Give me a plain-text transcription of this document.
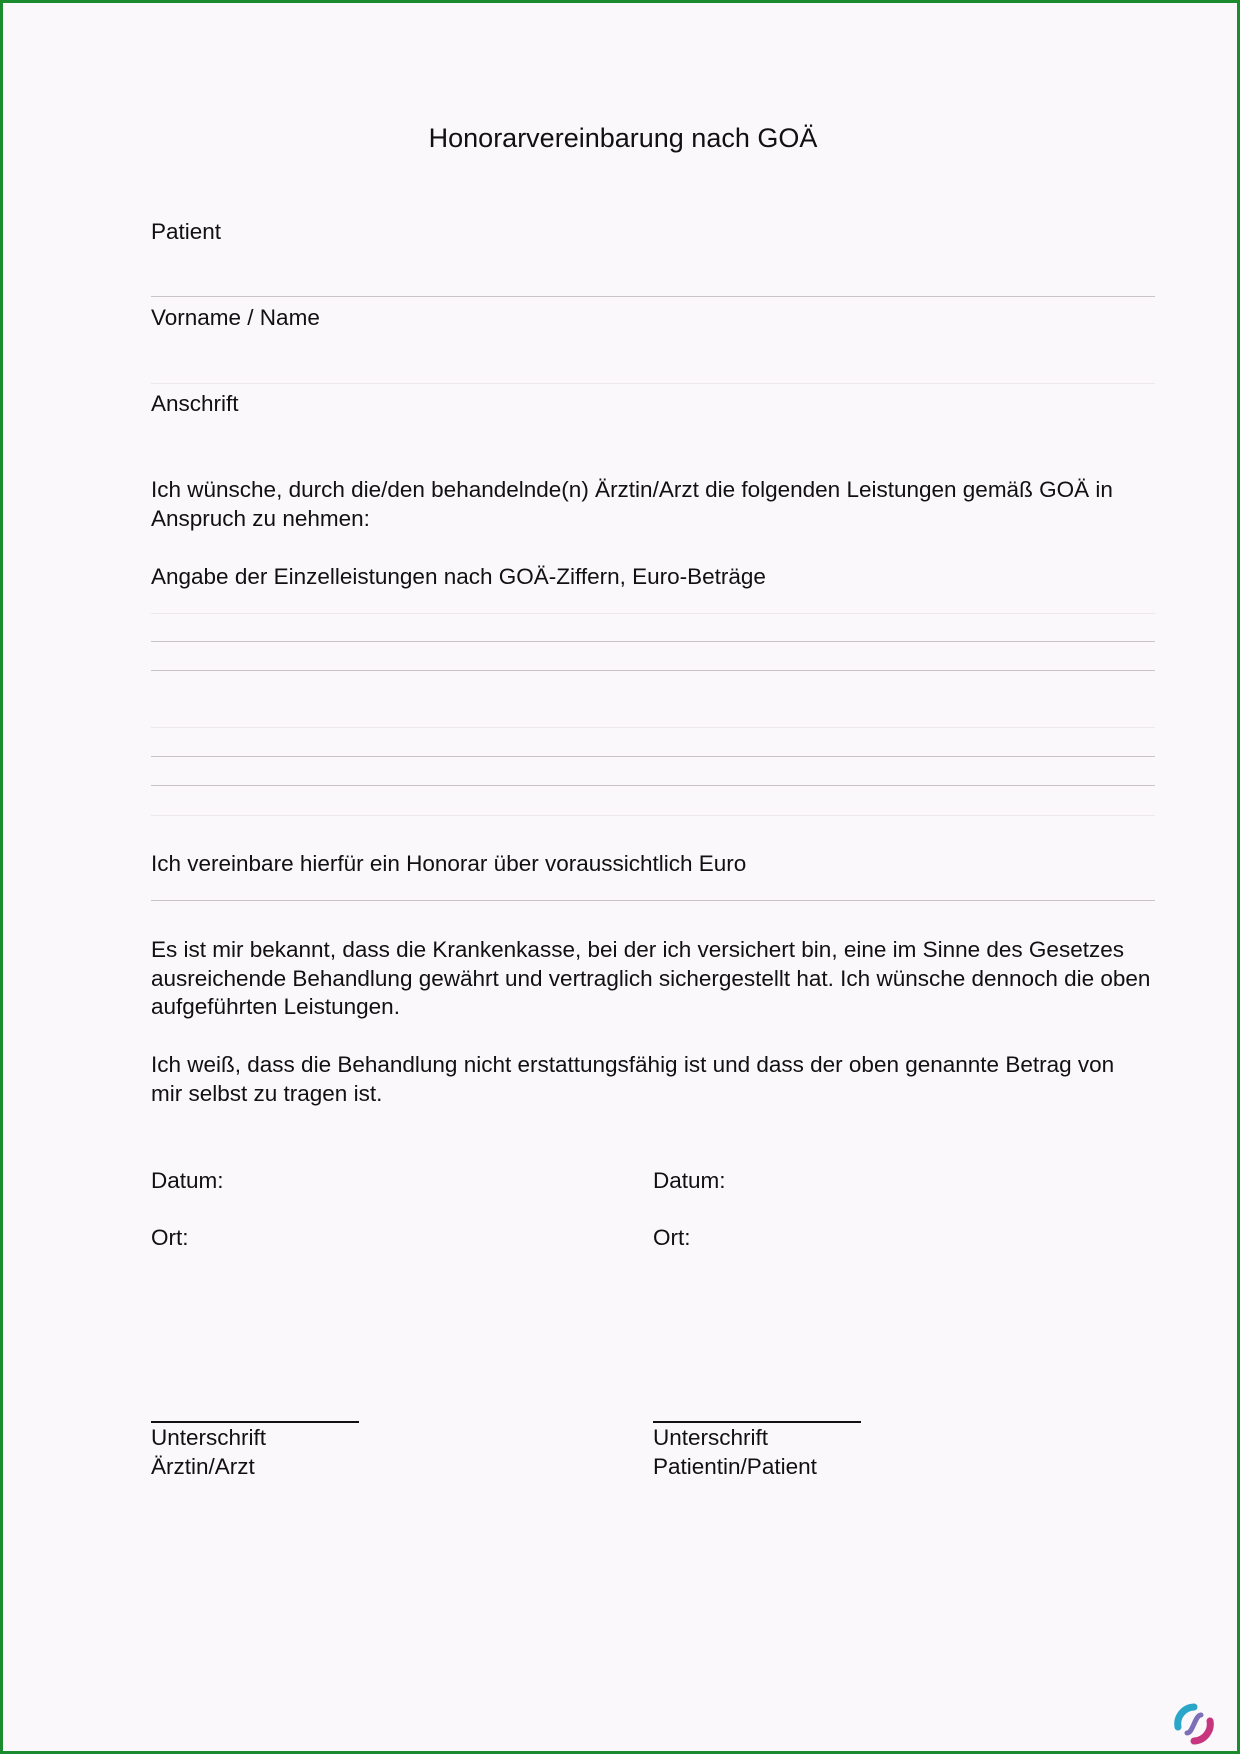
Honorarvereinbarung nach GOÄ
Patient
Vorname / Name
Anschrift
Ich wünsche, durch die/den behandelnde(n) Ärztin/Arzt die folgenden Leistungen gemäß GOÄ in Anspruch zu nehmen:
Angabe der Einzelleistungen nach GOÄ-Ziffern, Euro-Beträge
Ich vereinbare hierfür ein Honorar über voraussichtlich Euro
Es ist mir bekannt, dass die Krankenkasse, bei der ich versichert bin, eine im Sinne des Gesetzes ausreichende Behandlung gewährt und vertraglich sichergestellt hat. Ich wünsche dennoch die oben aufgeführten Leistungen.
Ich weiß, dass die Behandlung nicht erstattungsfähig ist und dass der oben genannte Betrag von mir selbst zu tragen ist.
Datum:
Ort:
Unterschrift
Ärztin/Arzt
Datum:
Ort:
Unterschrift
Patientin/Patient
